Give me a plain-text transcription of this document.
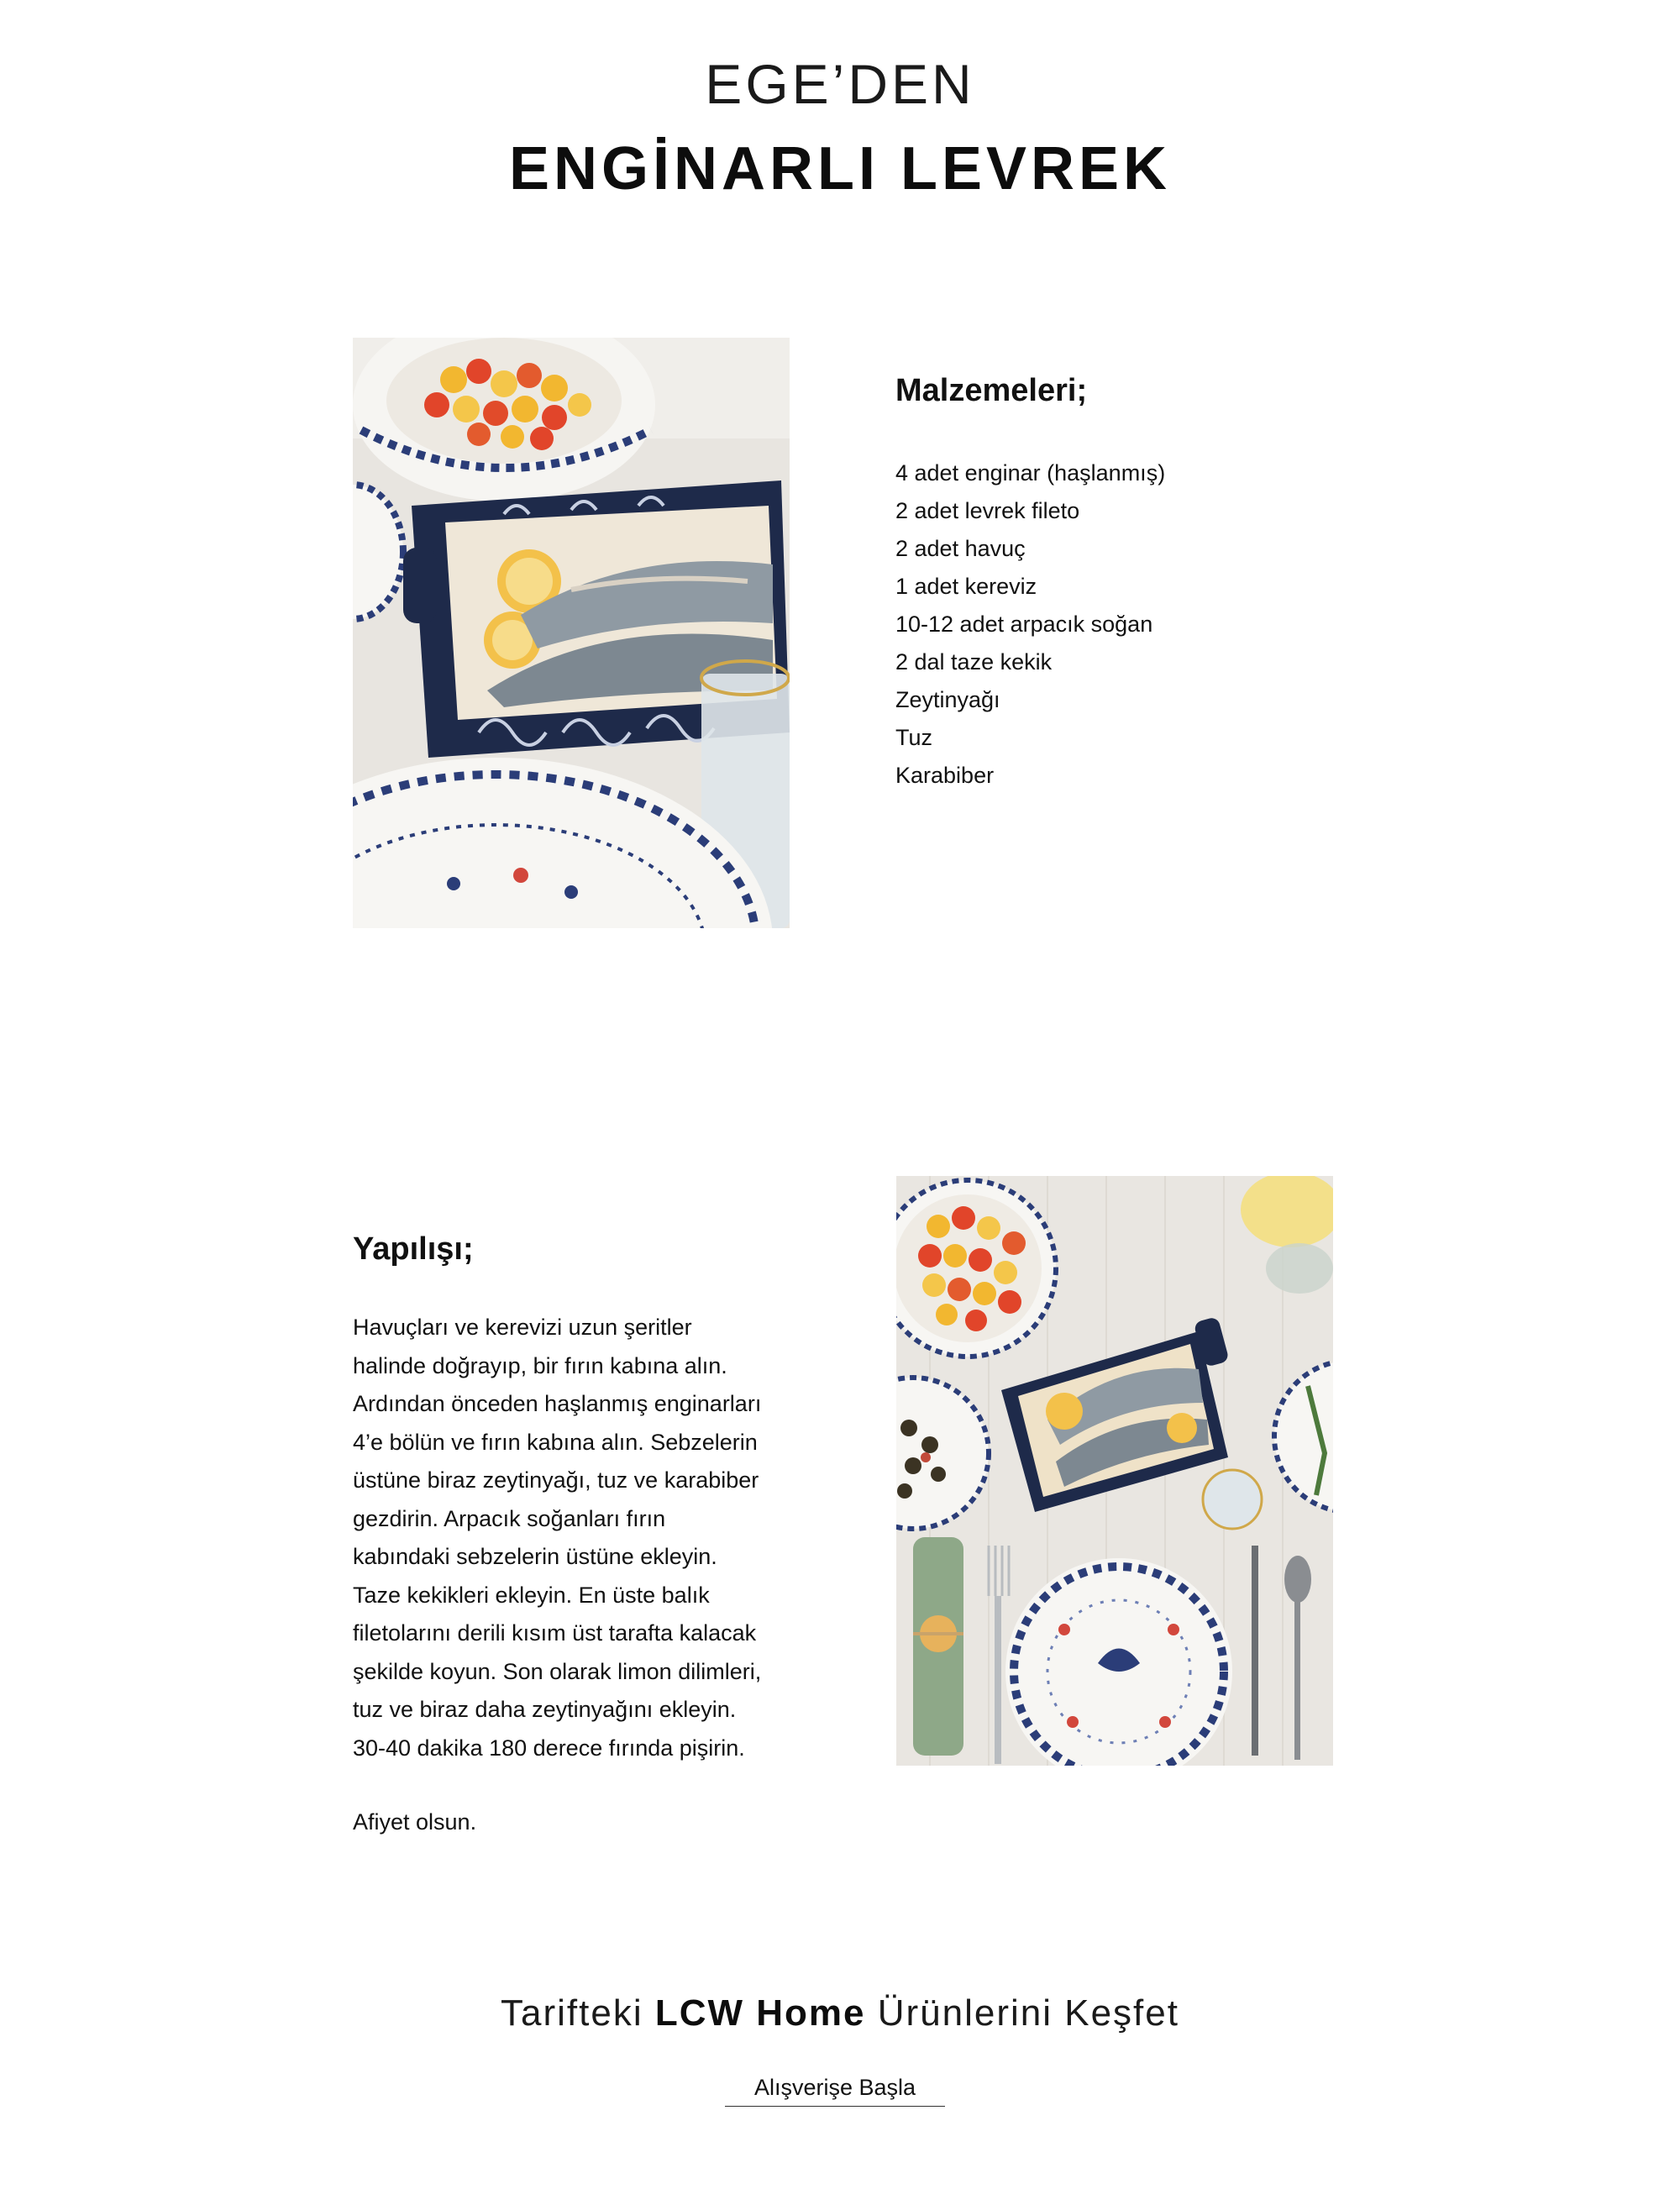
EGE’DEN
ENGİNARLI LEVREK
Malzemeleri;
4 adet enginar (haşlanmış)
2 adet levrek fileto
2 adet havuç
1 adet kereviz
10-12 adet arpacık soğan
2 dal taze kekik
Zeytinyağı
Tuz
Karabiber
Yapılışı;

Havuçları ve kerevizi uzun şeritler

halinde doğrayıp, bir fırın kabına alın.

Ardından önceden haşlanmış enginarları

4’e bölün ve fırın kabına alın. Sebzelerin

üstüne biraz zeytinyağı, tuz ve karabiber

gezdirin. Arpacık soğanları fırın

kabındaki sebzelerin üstüne ekleyin.

Taze kekikleri ekleyin. En üste balık

filetolarını derili kısım üst tarafta kalacak

şekilde koyun. Son olarak limon dilimleri,

tuz ve biraz daha zeytinyağını ekleyin.

30-40 dakika 180 derece fırında pişirin.

Afiyet olsun.
Tarifteki LCW Home Ürünlerini Keşfet
Alışverişe Başla
